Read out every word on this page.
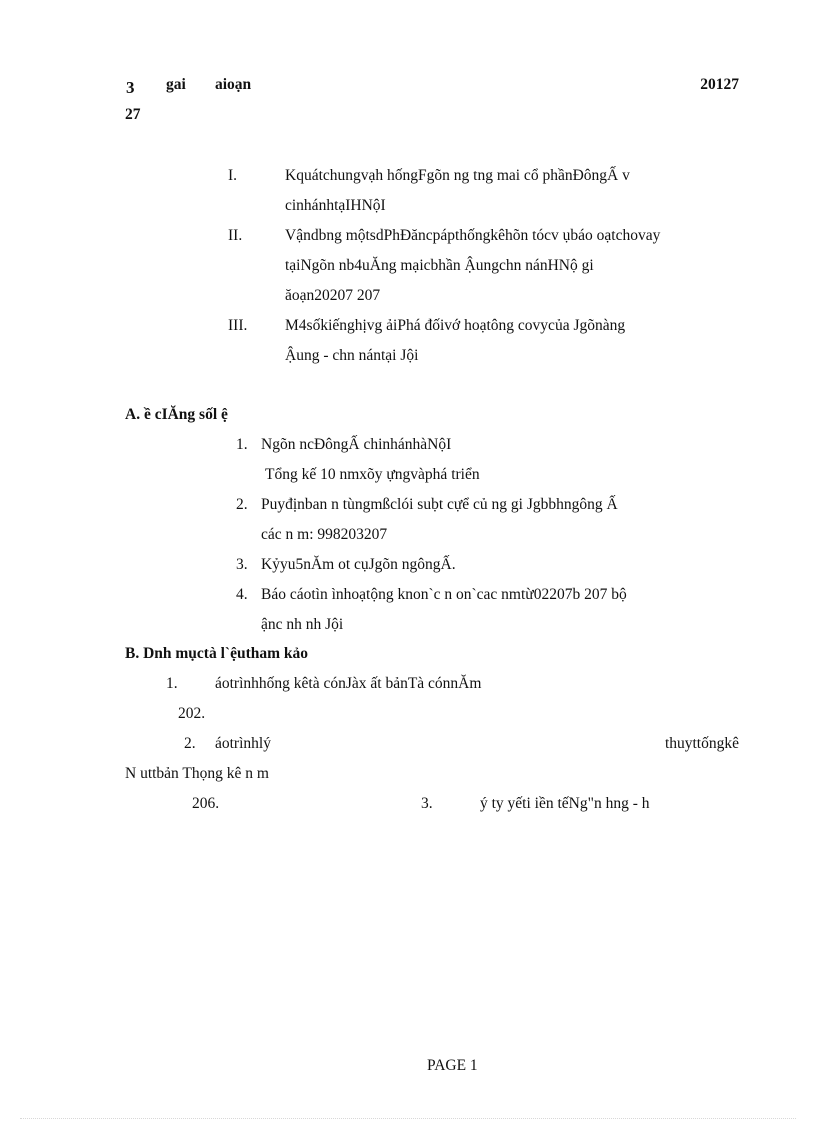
3 gai aioạn	20127
27
I.	Kquátchungvạh hốngFgõn ng tng mai cổ phầnĐôngẤ v
cinhánhtạIHNộI
II.	Vậndbng mộtsdPhĐăncpápthốngkêhõn tócv ụbáo oạtchovay
tạiNgõn nb4uĂng mạicbhần Ậungchn nánHNộ gi
ăoạn20207 207
III. M4sốkiếnghịvg ảiPhá đốivớ hoạtông covycủa Jgõnàng
Ậung - chn nántại Jội
A. ề cIĂng sốl ệ
1. Ngõn ncĐôngẤ chinhánhàNộI
Tổng kế 10 nmxõy ựngvàphá triển
2. Puyđịnban n tùngmßclói suḅt cựể củ ng gi Jgbbhngông Ấ
các n m: 998203207
3. Kỷyu5nĂm ot cụJgõn ngôngẤ.
4. Báo cáotìn ìnhoạtộng knon`c n on`cac nmtừ02207b 207 bộ
ậnc nh nh Jội
B. Dnh mụctà l`ệutham kảo
1. áotrìnhhống kêtà cónJàx ất bảnTà cónnĂm
202.
2. áotrìnhlý	thuyttốngkê
N uttbản Thọng kê n m
206.	3.	ý ty yếti iền tếNg"n hng - h
PAGE 1
